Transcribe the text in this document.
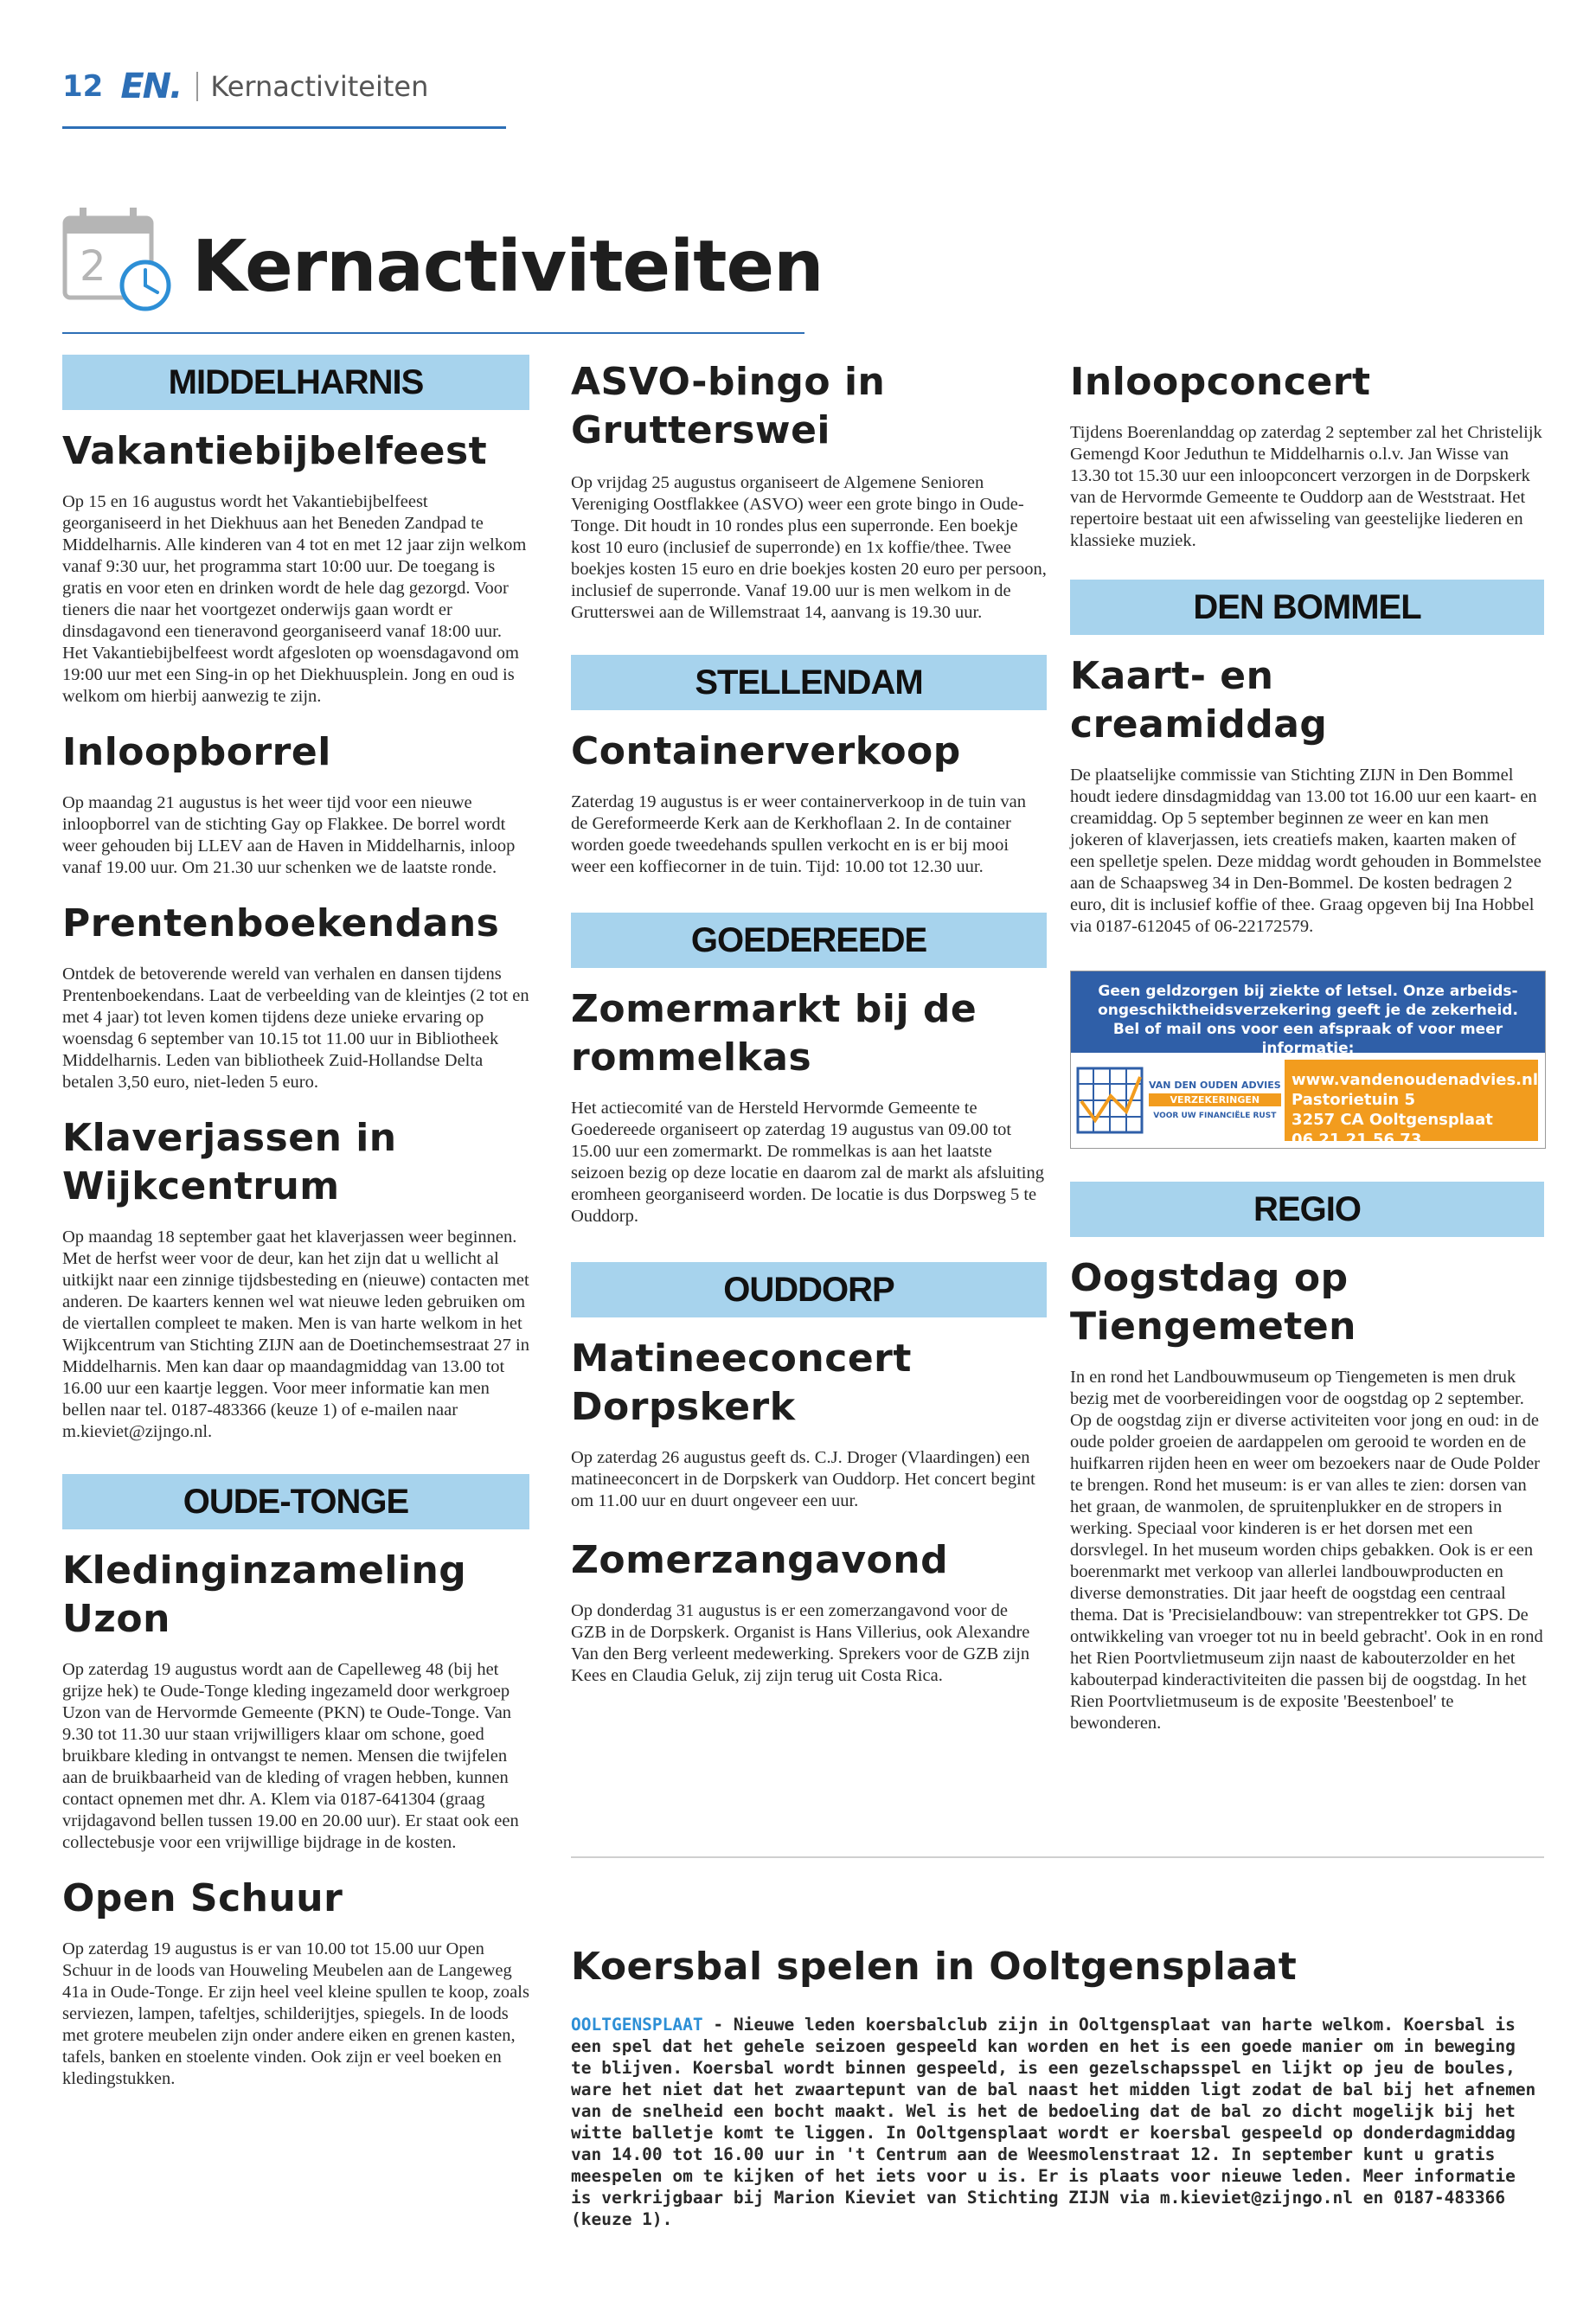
12 EN. Kernactiviteiten
2 Kernactiviteiten
MIDDELHARNIS
Vakantiebijbelfeest

Op 15 en 16 augustus wordt het Vakantiebijbelfeest georganiseerd in het Diekhuus aan het Beneden Zandpad te Middelharnis. Alle kinderen van 4 tot en met 12 jaar zijn welkom vanaf 9:30 uur, het programma start 10:00 uur. De toegang is gratis en voor eten en drinken wordt de hele dag gezorgd. Voor tieners die naar het voortgezet onderwijs gaan wordt er dinsdagavond een tieneravond georganiseerd vanaf 18:00 uur. Het Vakantiebijbelfeest wordt afgesloten op woensdagavond om 19:00 uur met een Sing-in op het Diekhuusplein. Jong en oud is welkom om hierbij aanwezig te zijn.

Inloopborrel

Op maandag 21 augustus is het weer tijd voor een nieuwe inloopborrel van de stichting Gay op Flakkee. De borrel wordt weer gehouden bij LLEV aan de Haven in Middelharnis, inloop vanaf 19.00 uur. Om 21.30 uur schenken we de laatste ronde.

Prentenboekendans

Ontdek de betoverende wereld van verhalen en dansen tijdens Prentenboekendans. Laat de verbeelding van de kleintjes (2 tot en met 4 jaar) tot leven komen tijdens deze unieke ervaring op woensdag 6 september van 10.15 tot 11.00 uur in Bibliotheek Middelharnis. Leden van bibliotheek Zuid-Hollandse Delta betalen 3,50 euro, niet-leden 5 euro.

Klaverjassen in Wijkcentrum

Op maandag 18 september gaat het klaverjassen weer beginnen. Met de herfst weer voor de deur, kan het zijn dat u wellicht al uitkijkt naar een zinnige tijdsbesteding en (nieuwe) contacten met anderen. De kaarters kennen wel wat nieuwe leden gebruiken om de viertallen compleet te maken. Men is van harte welkom in het Wijkcentrum van Stichting ZIJN aan de Doetinchemsestraat 27 in Middelharnis. Men kan daar op maandagmiddag van 13.00 tot 16.00 uur een kaartje leggen. Voor meer informatie kan men bellen naar tel. 0187-483366 (keuze 1) of e-mailen naar m.kieviet@zijngo.nl.

OUDE-TONGE
Kledinginzameling Uzon

Op zaterdag 19 augustus wordt aan de Capelleweg 48 (bij het grijze hek) te Oude-Tonge kleding ingezameld door werkgroep Uzon van de Hervormde Gemeente (PKN) te Oude-Tonge. Van 9.30 tot 11.30 uur staan vrijwilligers klaar om schone, goed bruikbare kleding in ontvangst te nemen. Mensen die twijfelen aan de bruikbaarheid van de kleding of vragen hebben, kunnen contact opnemen met dhr. A. Klem via 0187-641304 (graag vrijdagavond bellen tussen 19.00 en 20.00 uur). Er staat ook een collectebusje voor een vrijwillige bijdrage in de kosten.

Open Schuur

Op zaterdag 19 augustus is er van 10.00 tot 15.00 uur Open Schuur in de loods van Houweling Meubelen aan de Langeweg 41a in Oude-Tonge. Er zijn heel veel kleine spullen te koop, zoals serviezen, lampen, tafeltjes, schilderijtjes, spiegels. In de loods met grotere meubelen zijn onder andere eiken en grenen kasten, tafels, banken en stoelente vinden. Ook zijn er veel boeken en kledingstukken.

ASVO-bingo in Grutterswei

Op vrijdag 25 augustus organiseert de Algemene Senioren Vereniging Oostflakkee (ASVO) weer een grote bingo in Oude-Tonge. Dit houdt in 10 rondes plus een superronde. Een boekje kost 10 euro (inclusief de superronde) en 1x koffie/thee. Twee boekjes kosten 15 euro en drie boekjes kosten 20 euro per persoon, inclusief de superronde. Vanaf 19.00 uur is men welkom in de Grutterswei aan de Willemstraat 14, aanvang is 19.30 uur.

STELLENDAM
Containerverkoop

Zaterdag 19 augustus is er weer containerverkoop in de tuin van de Gereformeerde Kerk aan de Kerkhoflaan 2. In de container worden goede tweedehands spullen verkocht en is er bij mooi weer een koffiecorner in de tuin. Tijd: 10.00 tot 12.30 uur.

GOEDEREEDE
Zomermarkt bij de rommelkas

Het actiecomité van de Hersteld Hervormde Gemeente te Goedereede organiseert op zaterdag 19 augustus van 09.00 tot 15.00 uur een zomermarkt. De rommelkas is aan het laatste seizoen bezig op deze locatie en daarom zal de markt als afsluiting eromheen georganiseerd worden. De locatie is dus Dorpsweg 5 te Ouddorp.

OUDDORP
Matineeconcert Dorpskerk

Op zaterdag 26 augustus geeft ds. C.J. Droger (Vlaardingen) een matineeconcert in de Dorpskerk van Ouddorp. Het concert begint om 11.00 uur en duurt ongeveer een uur.

Zomerzangavond

Op donderdag 31 augustus is er een zomerzangavond voor de GZB in de Dorpskerk. Organist is Hans Villerius, ook Alexandre Van den Berg verleent medewerking. Sprekers voor de GZB zijn Kees en Claudia Geluk, zij zijn terug uit Costa Rica.

Inloopconcert

Tijdens Boerenlanddag op zaterdag 2 september zal het Christelijk Gemengd Koor Jeduthun te Middelharnis o.l.v. Jan Wisse van 13.30 tot 15.30 uur een inloopconcert verzorgen in de Dorpskerk van de Hervormde Gemeente te Ouddorp aan de Weststraat. Het repertoire bestaat uit een afwisseling van geestelijke liederen en klassieke muziek.

DEN BOMMEL
Kaart- en creamiddag

De plaatselijke commissie van Stichting ZIJN in Den Bommel houdt iedere dinsdagmiddag van 13.00 tot 16.00 uur een kaart- en creamiddag. Op 5 september beginnen ze weer en kan men jokeren of klaverjassen, iets creatiefs maken, kaarten maken of een spelletje spelen. Deze middag wordt gehouden in Bommelstee aan de Schaapsweg 34 in Den-Bommel. De kosten bedragen 2 euro, dit is inclusief koffie of thee. Graag opgeven bij Ina Hobbel via 0187-612045 of 06-22172579.

Geen geldzorgen bij ziekte of letsel. Onze arbeids-
ongeschiktheidsverzekering geeft je de zekerheid.
Bel of mail ons voor een afspraak of voor meer informatie:
VAN DEN OUDEN ADVIES
VERZEKERINGEN
VOOR UW FINANCIËLE RUST
www.vandenoudenadvies.nl
Pastorietuin 5
3257 CA Ooltgensplaat
06 21 21 56 73
REGIO
Oogstdag op Tiengemeten

In en rond het Landbouwmuseum op Tiengemeten is men druk bezig met de voorbereidingen voor de oogstdag op 2 september. Op de oogstdag zijn er diverse activiteiten voor jong en oud: in de oude polder groeien de aardappelen om gerooid te worden en de huifkarren rijden heen en weer om bezoekers naar de Oude Polder te brengen. Rond het museum: is er van alles te zien: dorsen van het graan, de wanmolen, de spruitenplukker en de stropers in werking. Speciaal voor kinderen is er het dorsen met een dorsvlegel. In het museum worden chips gebakken. Ook is er een boerenmarkt met verkoop van allerlei landbouwproducten en diverse demonstraties. Dit jaar heeft de oogstdag een centraal thema. Dat is 'Precisielandbouw: van strepentrekker tot GPS. De ontwikkeling van vroeger tot nu in beeld gebracht'. Ook in en rond het Rien Poortvlietmuseum zijn naast de kabouterzolder en het kabouterpad kinderactiviteiten die passen bij de oogstdag. In het Rien Poortvlietmuseum is de exposite 'Beestenboel' te bewonderen.

Koersbal spelen in Ooltgensplaat

OOLTGENSPLAAT - Nieuwe leden koersbalclub zijn in Ooltgensplaat van harte welkom. Koersbal is een spel dat het gehele seizoen gespeeld kan worden en het is een goede manier om in beweging te blijven. Koersbal wordt binnen gespeeld, is een gezelschapsspel en lijkt op jeu de boules, ware het niet dat het zwaartepunt van de bal naast het midden ligt zodat de bal bij het afnemen van de snelheid een bocht maakt. Wel is het de bedoeling dat de bal zo dicht mogelijk bij het witte balletje komt te liggen. In Ooltgensplaat wordt er koersbal gespeeld op donderdagmiddag van 14.00 tot 16.00 uur in 't Centrum aan de Weesmolenstraat 12. In september kunt u gratis meespelen om te kijken of het iets voor u is. Er is plaats voor nieuwe leden. Meer informatie is verkrijgbaar bij Marion Kieviet van Stichting ZIJN via m.kieviet@zijngo.nl en 0187-483366 (keuze 1).
